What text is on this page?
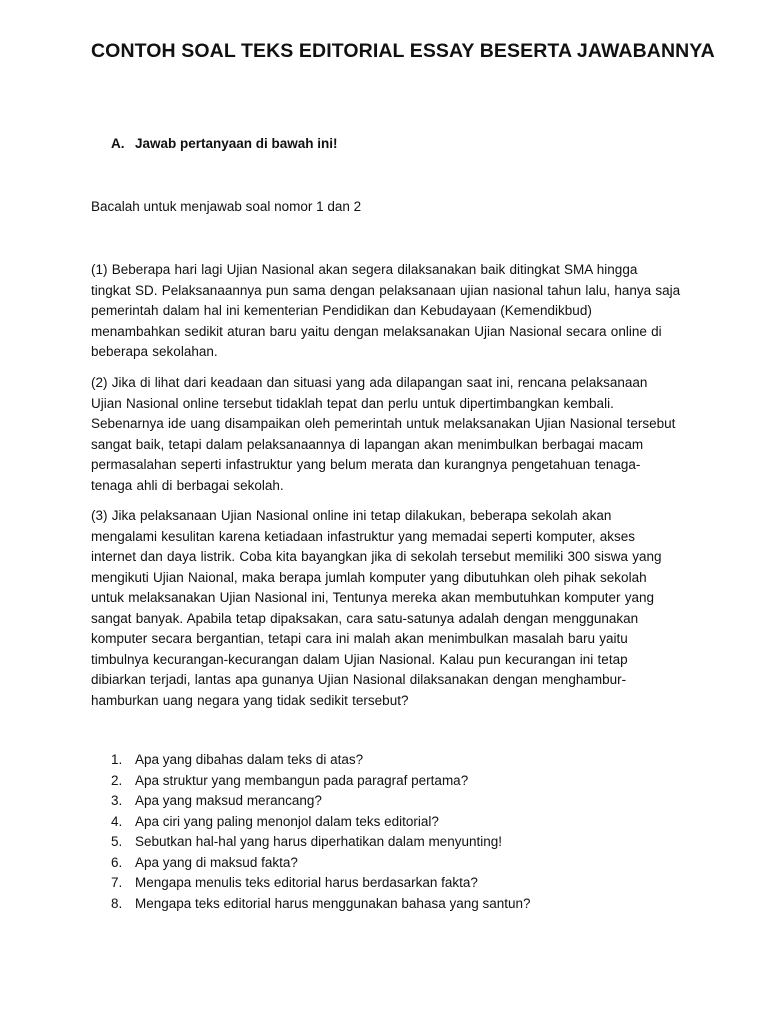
CONTOH SOAL TEKS EDITORIAL ESSAY BESERTA JAWABANNYA

A. Jawab pertanyaan di bawah ini!

Bacalah untuk menjawab soal nomor 1 dan 2

(1) Beberapa hari lagi Ujian Nasional akan segera dilaksanakan baik ditingkat SMA hingga tingkat SD. Pelaksanaannya pun sama dengan pelaksanaan ujian nasional tahun lalu, hanya saja pemerintah dalam hal ini kementerian Pendidikan dan Kebudayaan (Kemendikbud) menambahkan sedikit aturan baru yaitu dengan melaksanakan Ujian Nasional secara online di beberapa sekolahan.

(2) Jika di lihat dari keadaan dan situasi yang ada dilapangan saat ini, rencana pelaksanaan Ujian Nasional online tersebut tidaklah tepat dan perlu untuk dipertimbangkan kembali. Sebenarnya ide uang disampaikan oleh pemerintah untuk melaksanakan Ujian Nasional tersebut sangat baik, tetapi dalam pelaksanaannya di lapangan akan menimbulkan berbagai macam permasalahan seperti infastruktur yang belum merata dan kurangnya pengetahuan tenaga-tenaga ahli di berbagai sekolah.

(3) Jika pelaksanaan Ujian Nasional online ini tetap dilakukan, beberapa sekolah akan mengalami kesulitan karena ketiadaan infastruktur yang memadai seperti komputer, akses internet dan daya listrik. Coba kita bayangkan jika di sekolah tersebut memiliki 300 siswa yang mengikuti Ujian Naional, maka berapa jumlah komputer yang dibutuhkan oleh pihak sekolah untuk melaksanakan Ujian Nasional ini, Tentunya mereka akan membutuhkan komputer yang sangat banyak. Apabila tetap dipaksakan, cara satu-satunya adalah dengan menggunakan komputer secara bergantian, tetapi cara ini malah akan menimbulkan masalah baru yaitu timbulnya kecurangan-kecurangan dalam Ujian Nasional. Kalau pun kecurangan ini tetap dibiarkan terjadi, lantas apa gunanya Ujian Nasional dilaksanakan dengan menghambur-hamburkan uang negara yang tidak sedikit tersebut?

1. Apa yang dibahas dalam teks di atas?
2. Apa struktur yang membangun pada paragraf pertama?
3. Apa yang maksud merancang?
4. Apa ciri yang paling menonjol dalam teks editorial?
5. Sebutkan hal-hal yang harus diperhatikan dalam menyunting!
6. Apa yang di maksud fakta?
7. Mengapa menulis teks editorial harus berdasarkan fakta?
8. Mengapa teks editorial harus menggunakan bahasa yang santun?
